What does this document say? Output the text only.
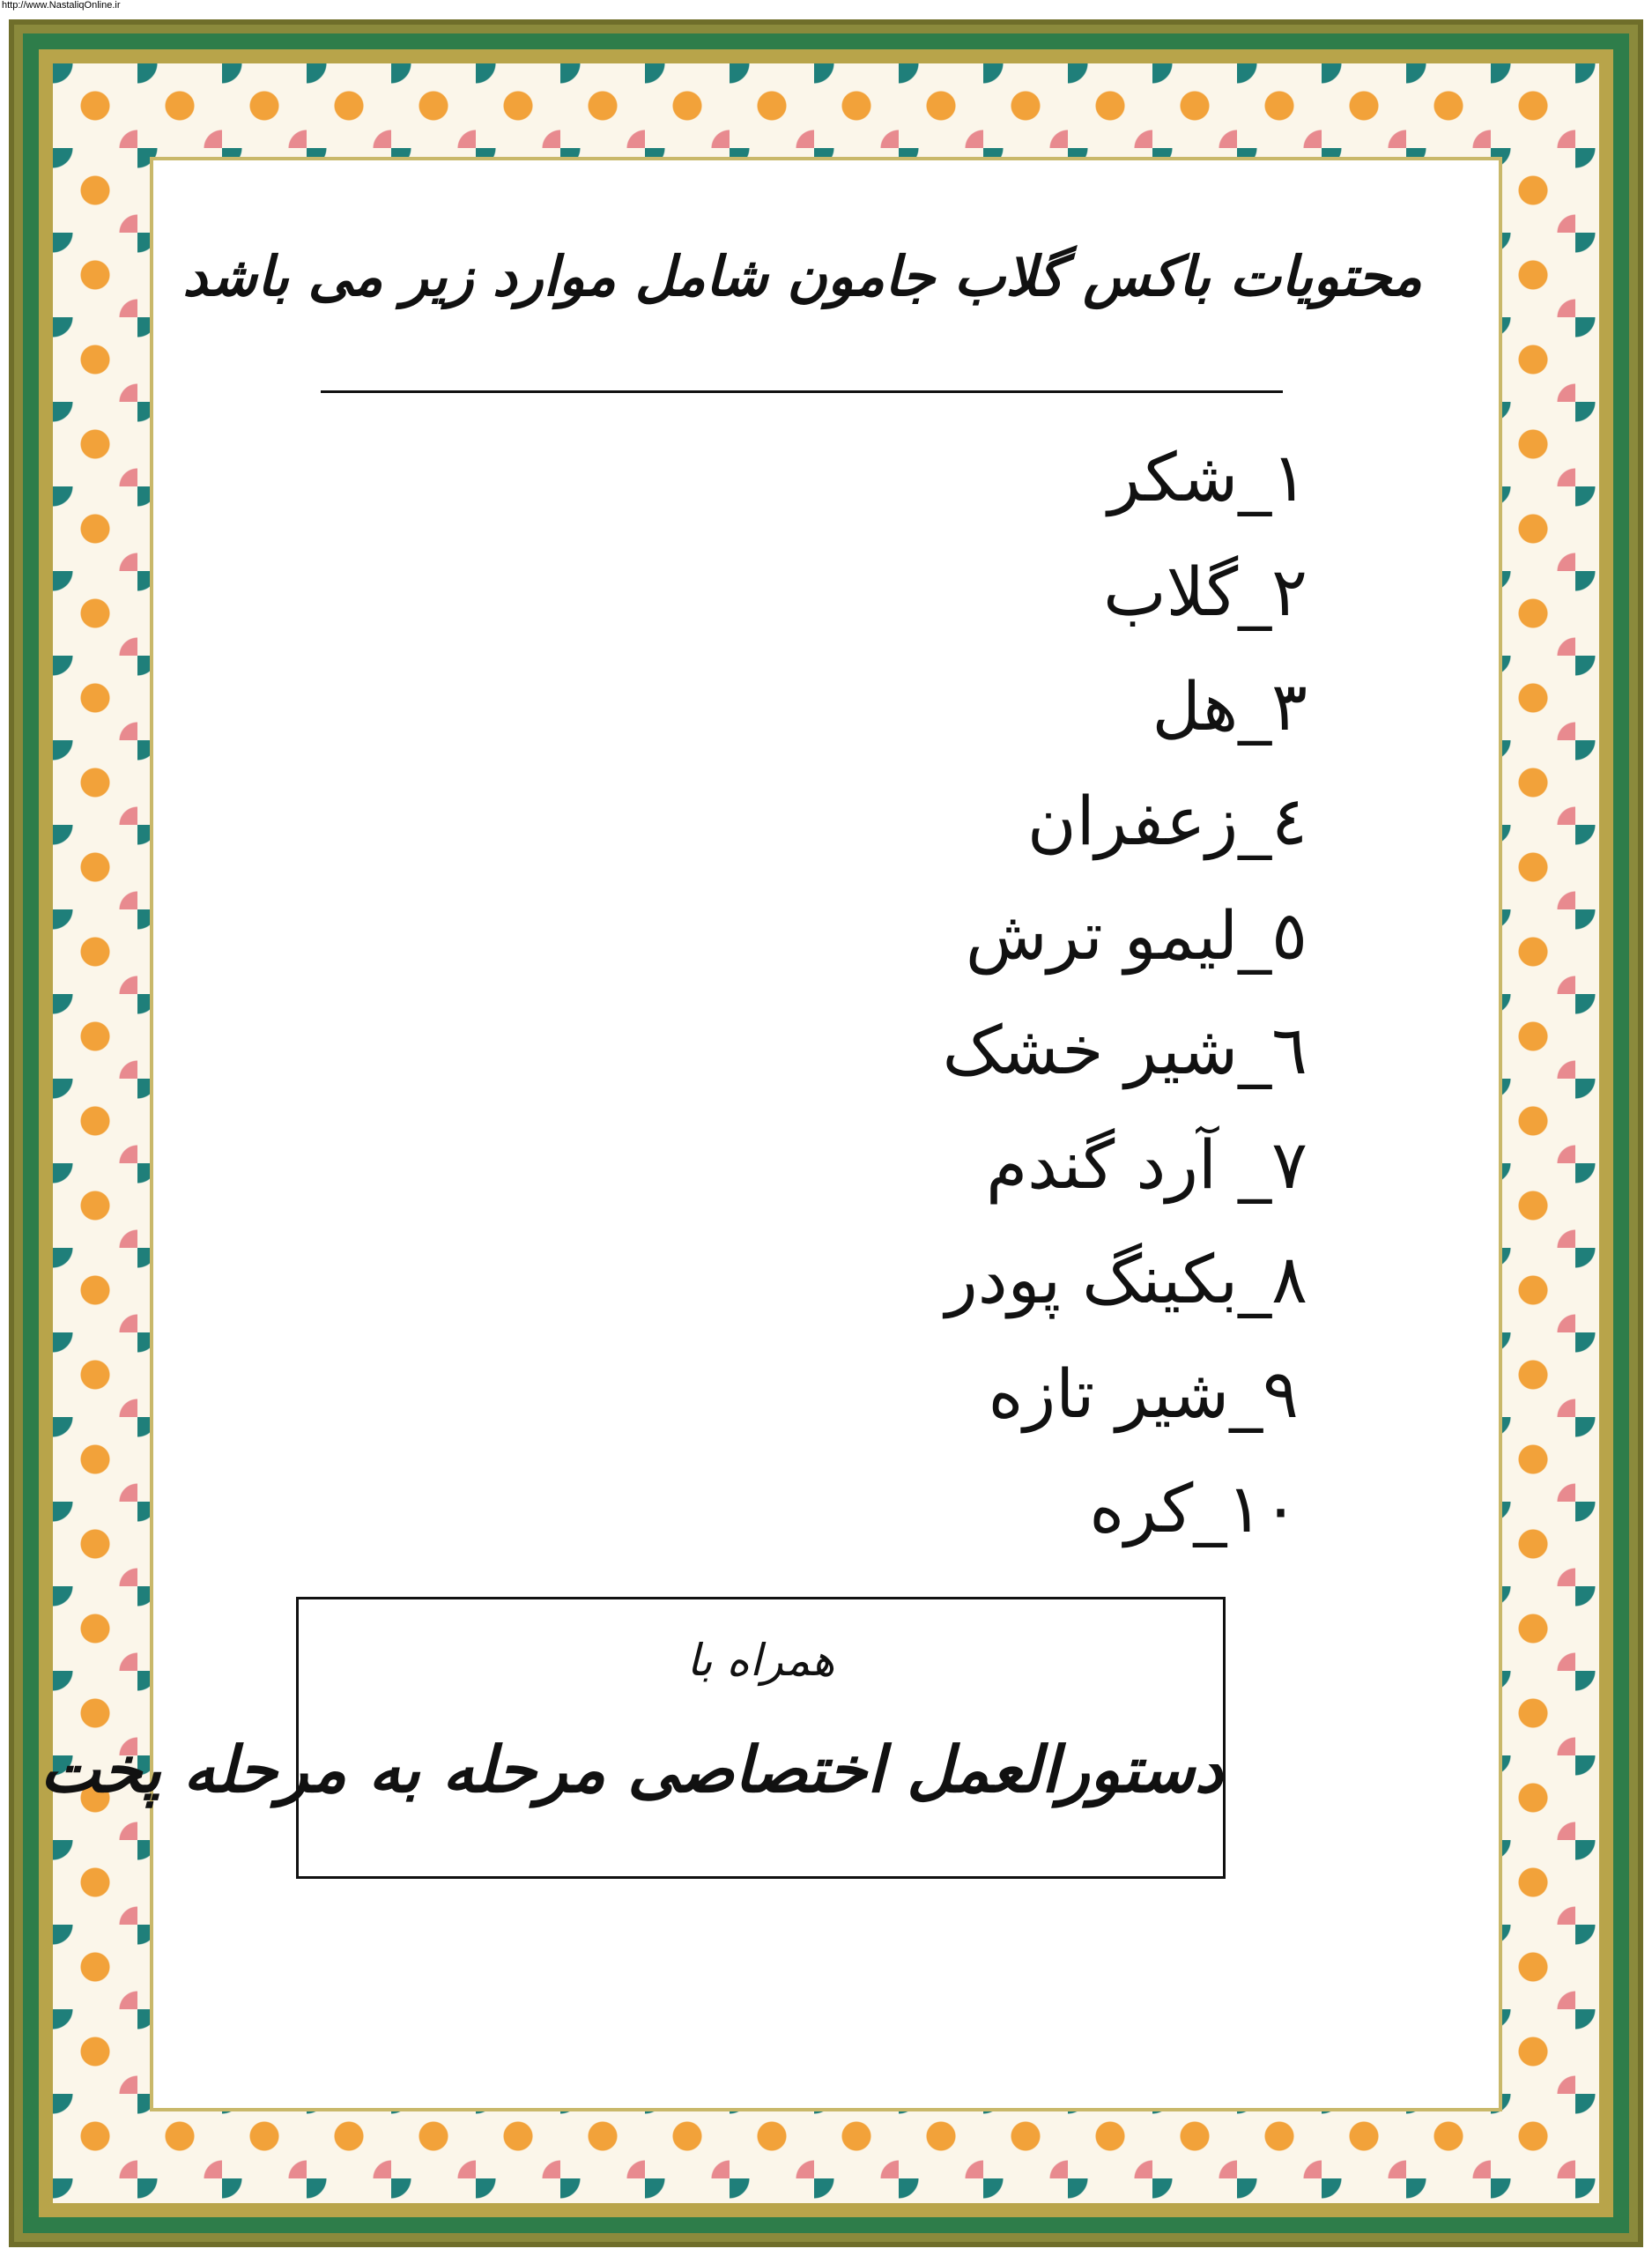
http://www.NastaliqOnline.ir
محتویات باکس گلاب جامون شامل موارد زیر می باشد
۱_شکر
۲_گلاب
۳_هل
٤_زعفران
٥_لیمو ترش
٦_شیر خشک
۷_ آرد گندم
۸_بکینگ پودر
۹_شیر تازه
۱۰_کره
همراه با
دستورالعمل اختصاصی مرحله به مرحله پخت
